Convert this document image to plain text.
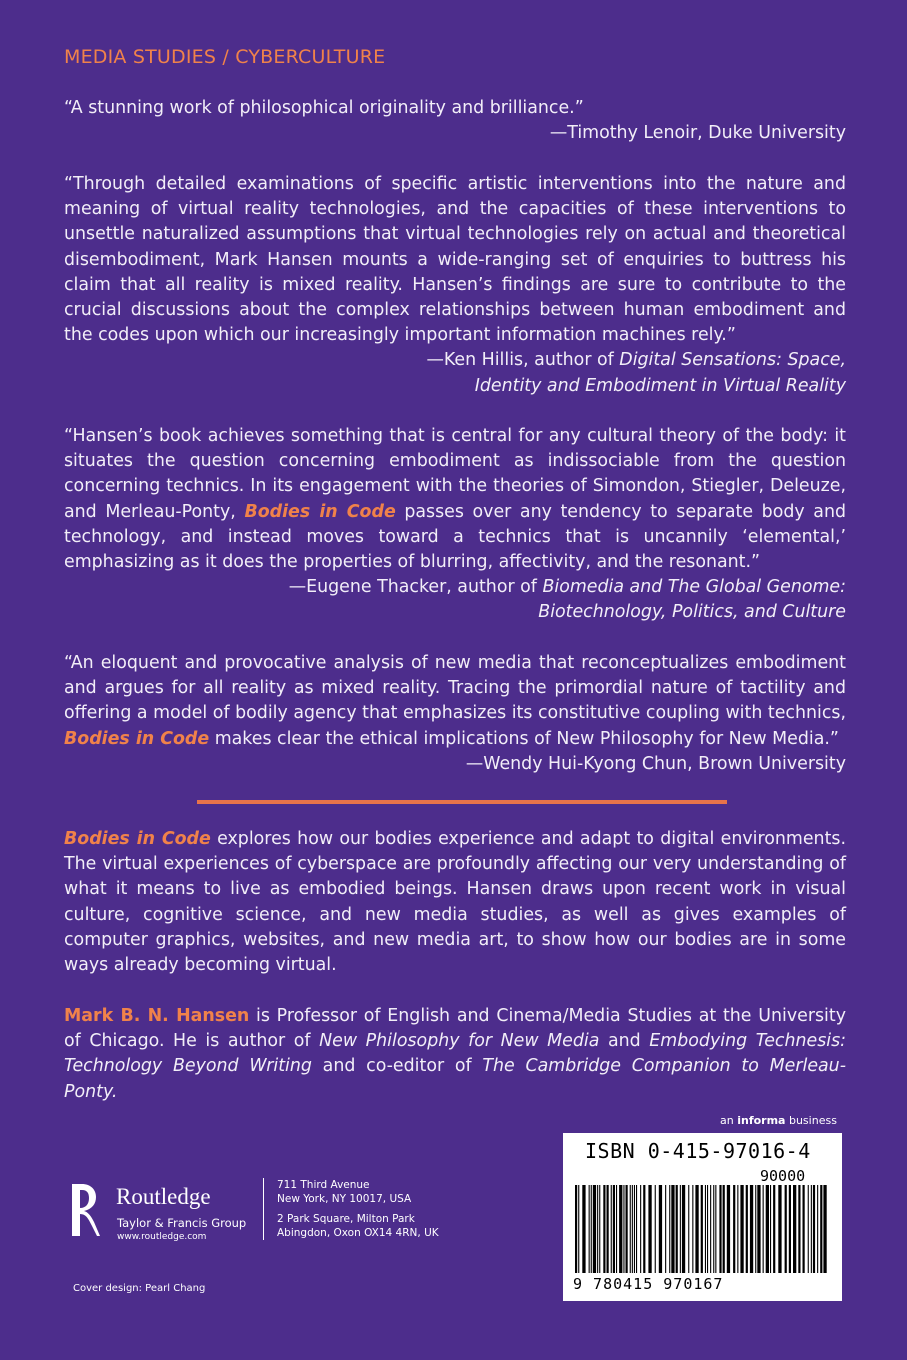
MEDIA STUDIES / CYBERCULTURE

“A stunning work of philosophical originality and brilliance.”

—Timothy Lenoir, Duke University

“Through detailed examinations of specific artistic interventions into the nature and meaning of virtual reality technologies, and the capacities of these interventions to unsettle naturalized assumptions that virtual technologies rely on actual and theoretical disembodiment, Mark Hansen mounts a wide-ranging set of enquiries to buttress his claim that all reality is mixed reality. Hansen’s findings are sure to contribute to the crucial discussions about the complex relationships between human embodiment and the codes upon which our increasingly important information machines rely.”

—Ken Hillis, author of Digital Sensations: Space,
Identity and Embodiment in Virtual Reality

“Hansen’s book achieves something that is central for any cultural theory of the body: it situates the question concerning embodiment as indissociable from the question concerning technics. In its engagement with the theories of Simondon, Stiegler, Deleuze, and Merleau-Ponty, Bodies in Code passes over any tendency to separate body and technology, and instead moves toward a technics that is uncannily ‘elemental,’ emphasizing as it does the properties of blurring, affectivity, and the resonant.”

—Eugene Thacker, author of Biomedia and The Global Genome:
Biotechnology, Politics, and Culture

“An eloquent and provocative analysis of new media that reconceptualizes embodiment and argues for all reality as mixed reality. Tracing the primordial nature of tactility and offering a model of bodily agency that emphasizes its constitutive coupling with technics, Bodies in Code makes clear the ethical implications of New Philosophy for New Media.”

—Wendy Hui-Kyong Chun, Brown University
Bodies in Code explores how our bodies experience and adapt to digital environments. The virtual experiences of cyberspace are profoundly affecting our very understanding of what it means to live as embodied beings. Hansen draws upon recent work in visual culture, cognitive science, and new media studies, as well as gives examples of computer graphics, websites, and new media art, to show how our bodies are in some ways already becoming virtual.
Mark B. N. Hansen is Professor of English and Cinema/Media Studies at the University of Chicago. He is author of New Philosophy for New Media and Embodying Technesis: Technology Beyond Writing and co-editor of The Cambridge Companion to Merleau-Ponty.
an informa business
ISBN 0-415-97016-4
90000
9 780415 970167
Routledge
Taylor & Francis Group
www.routledge.com
711 Third Avenue
New York, NY 10017, USA
2 Park Square, Milton Park
Abingdon, Oxon OX14 4RN, UK
Cover design: Pearl Chang
